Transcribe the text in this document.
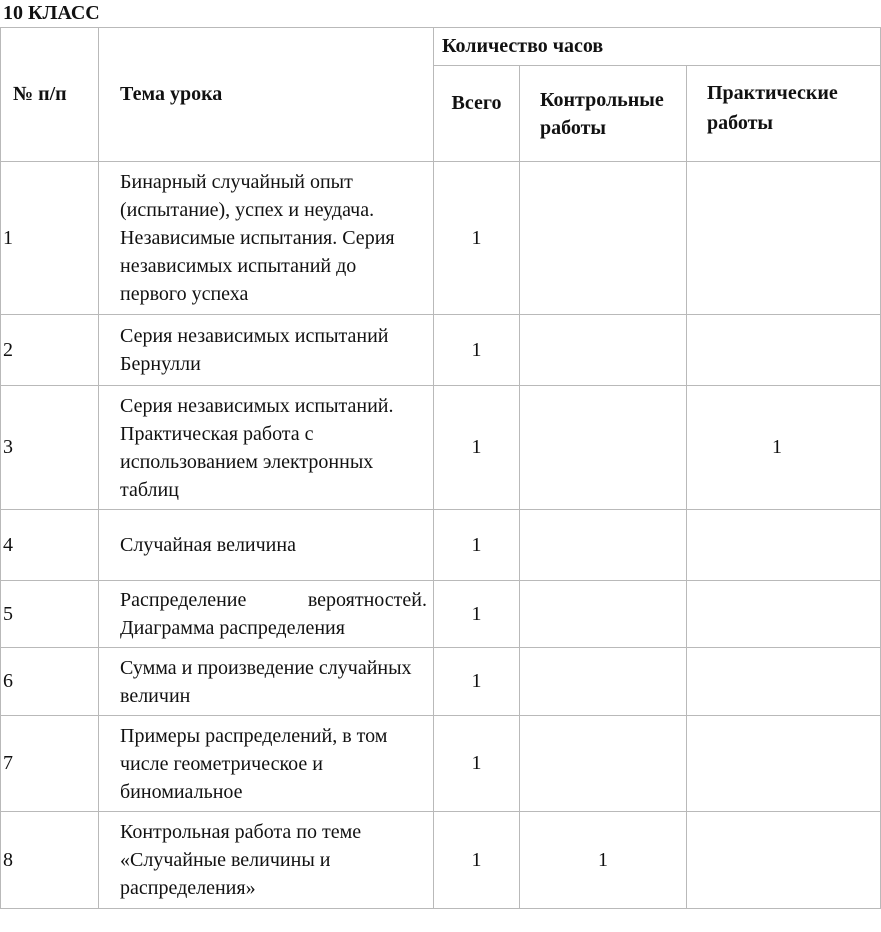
10 КЛАСС
№ п/п	Тема урока	Количество часов		
		Всего	Контрольные работы	Практические работы
1	Бинарный случайный опыт (испытание), успех и неудача. Независимые испытания. Серия независимых испытаний до первого успеха	1		
2	Серия независимых испытаний Бернулли	1		
3	Серия независимых испытаний. Практическая работа с использованием электронных таблиц	1		1
4	Случайная величина	1		
5	Распределение вероятностей. Диаграмма распределения	1		
6	Сумма и произведение случайных величин	1		
7	Примеры распределений, в том числе геометрическое и биномиальное	1		
8	Контрольная работа по теме «Случайные величины и распределения»	1	1	
